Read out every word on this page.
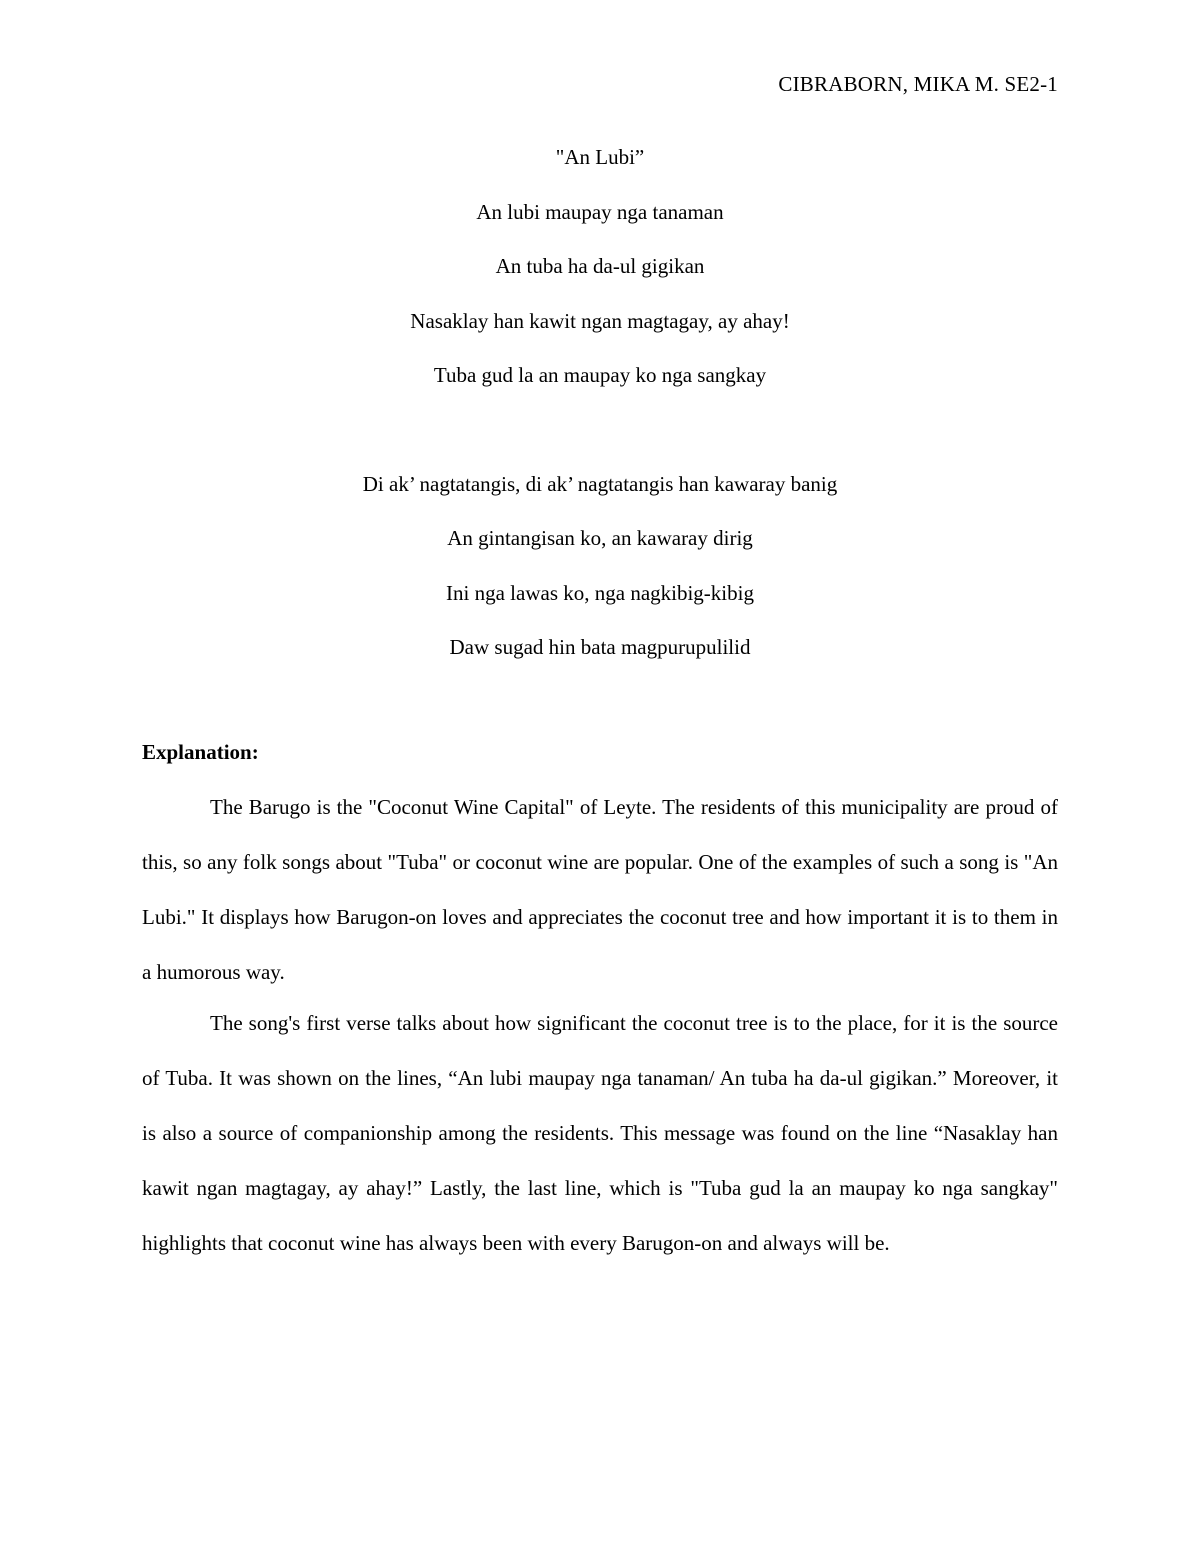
CIBRABORN, MIKA M. SE2-1
"An Lubi”
An lubi maupay nga tanaman
An tuba ha da-ul gigikan
Nasaklay han kawit ngan magtagay, ay ahay!
Tuba gud la an maupay ko nga sangkay
Di ak’ nagtatangis, di ak’ nagtatangis han kawaray banig
An gintangisan ko, an kawaray dirig
Ini nga lawas ko, nga nagkibig-kibig
Daw sugad hin bata magpurupulilid
Explanation:
The Barugo is the "Coconut Wine Capital" of Leyte. The residents of this municipality are proud of this, so any folk songs about "Tuba" or coconut wine are popular. One of the examples of such a song is "An Lubi." It displays how Barugon-on loves and appreciates the coconut tree and how important it is to them in a humorous way.
The song's first verse talks about how significant the coconut tree is to the place, for it is the source of Tuba. It was shown on the lines, “An lubi maupay nga tanaman/ An tuba ha da-ul gigikan.” Moreover, it is also a source of companionship among the residents. This message was found on the line “Nasaklay han kawit ngan magtagay, ay ahay!” Lastly, the last line, which is "Tuba gud la an maupay ko nga sangkay" highlights that coconut wine has always been with every Barugon-on and always will be.
